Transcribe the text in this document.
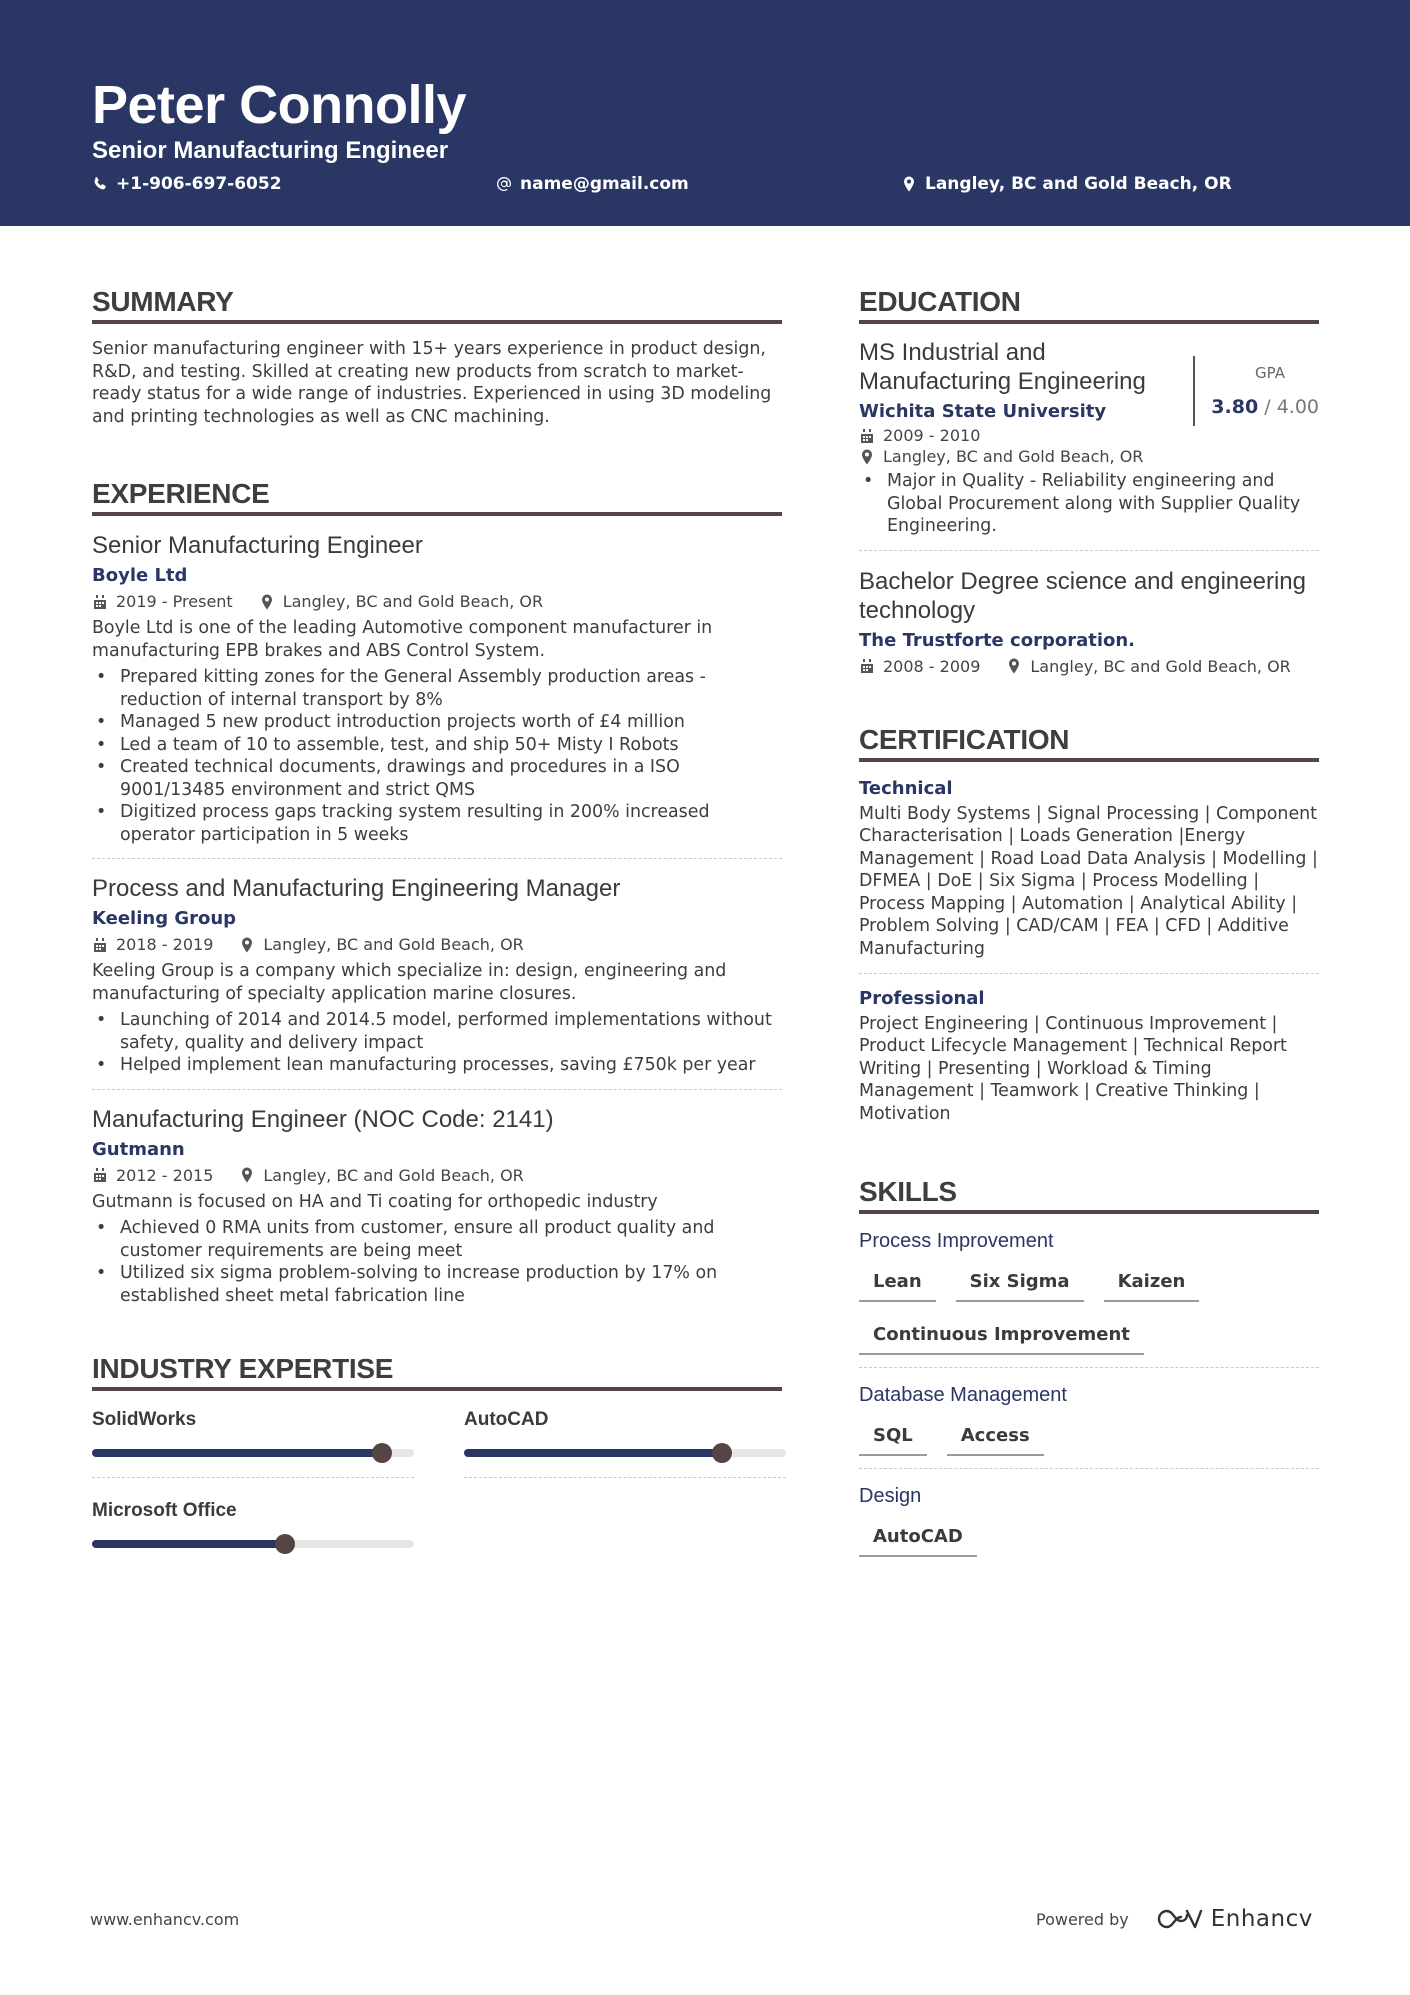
Peter Connolly
Senior Manufacturing Engineer
+1-906-697-6052	name@gmail.com	Langley, BC and Gold Beach, OR
SUMMARY
Senior manufacturing engineer with 15+ years experience in product design, R&D, and testing. Skilled at creating new products from scratch to market-ready status for a wide range of industries. Experienced in using 3D modeling and printing technologies as well as CNC machining.
EXPERIENCE
Senior Manufacturing Engineer
Boyle Ltd
2019 - Present	Langley, BC and Gold Beach, OR
Boyle Ltd is one of the leading Automotive component manufacturer in manufacturing EPB brakes and ABS Control System.
• Prepared kitting zones for the General Assembly production areas - reduction of internal transport by 8%
• Managed 5 new product introduction projects worth of £4 million
• Led a team of 10 to assemble, test, and ship 50+ Misty I Robots
• Created technical documents, drawings and procedures in a ISO 9001/13485 environment and strict QMS
• Digitized process gaps tracking system resulting in 200% increased operator participation in 5 weeks
Process and Manufacturing Engineering Manager
Keeling Group
2018 - 2019	Langley, BC and Gold Beach, OR
Keeling Group is a company which specialize in: design, engineering and manufacturing of specialty application marine closures.
• Launching of 2014 and 2014.5 model, performed implementations without safety, quality and delivery impact
• Helped implement lean manufacturing processes, saving £750k per year
Manufacturing Engineer (NOC Code: 2141)
Gutmann
2012 - 2015	Langley, BC and Gold Beach, OR
Gutmann is focused on HA and Ti coating for orthopedic industry
• Achieved 0 RMA units from customer, ensure all product quality and customer requirements are being meet
• Utilized six sigma problem-solving to increase production by 17% on established sheet metal fabrication line
INDUSTRY EXPERTISE
SolidWorks	AutoCAD
Microsoft Office
EDUCATION
MS Industrial and Manufacturing Engineering	GPA
3.80 / 4.00
Wichita State University
2009 - 2010
Langley, BC and Gold Beach, OR
• Major in Quality - Reliability engineering and Global Procurement along with Supplier Quality Engineering.
Bachelor Degree science and engineering technology
The Trustforte corporation.
2008 - 2009	Langley, BC and Gold Beach, OR
CERTIFICATION
Technical
Multi Body Systems | Signal Processing | Component Characterisation | Loads Generation |Energy Management | Road Load Data Analysis | Modelling | DFMEA | DoE | Six Sigma | Process Modelling | Process Mapping | Automation | Analytical Ability | Problem Solving | CAD/CAM | FEA | CFD | Additive Manufacturing
Professional
Project Engineering | Continuous Improvement | Product Lifecycle Management | Technical Report Writing | Presenting | Workload & Timing Management | Teamwork | Creative Thinking | Motivation
SKILLS
Process Improvement
Lean	Six Sigma	Kaizen
Continuous Improvement
Database Management
SQL	Access
Design
AutoCAD
www.enhancv.com	Powered by	Enhancv
